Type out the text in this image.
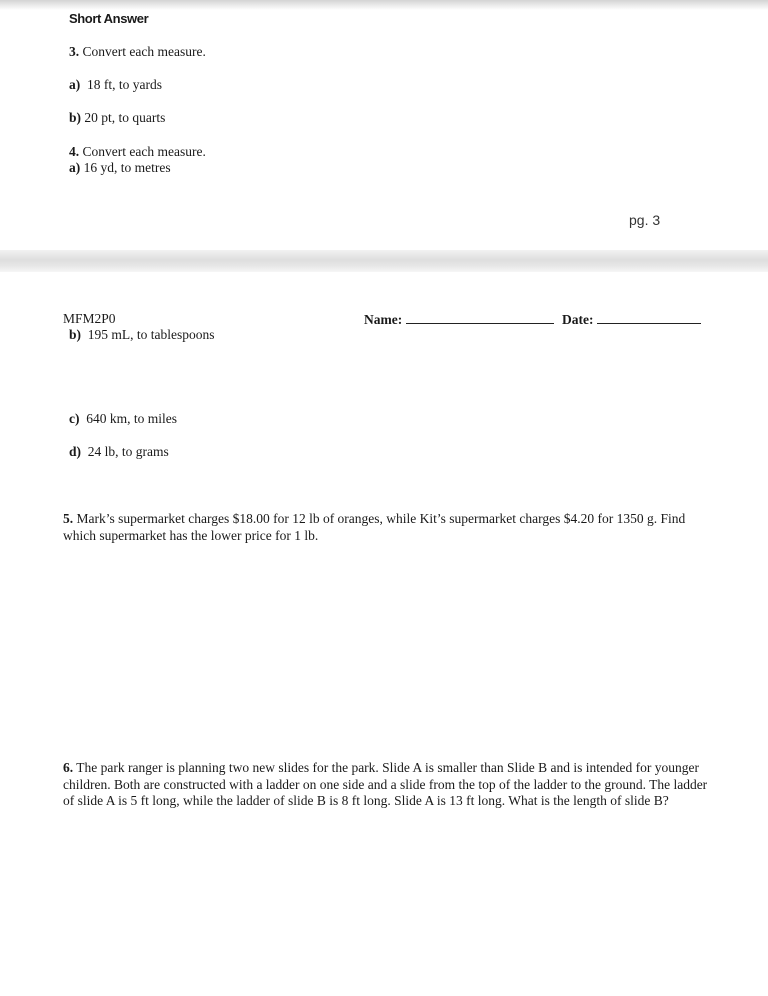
Short Answer
3. Convert each measure.
a) 18 ft, to yards
b) 20 pt, to quarts
4. Convert each measure.
a) 16 yd, to metres
pg. 3
MFM2P0	Name:	Date:
b) 195 mL, to tablespoons
c) 640 km, to miles
d) 24 lb, to grams
5. Mark’s supermarket charges $18.00 for 12 lb of oranges, while Kit’s supermarket charges $4.20 for 1350 g. Find which supermarket has the lower price for 1 lb.
6. The park ranger is planning two new slides for the park. Slide A is smaller than Slide B and is intended for younger children. Both are constructed with a ladder on one side and a slide from the top of the ladder to the ground. The ladder of slide A is 5 ft long, while the ladder of slide B is 8 ft long. Slide A is 13 ft long. What is the length of slide B?
